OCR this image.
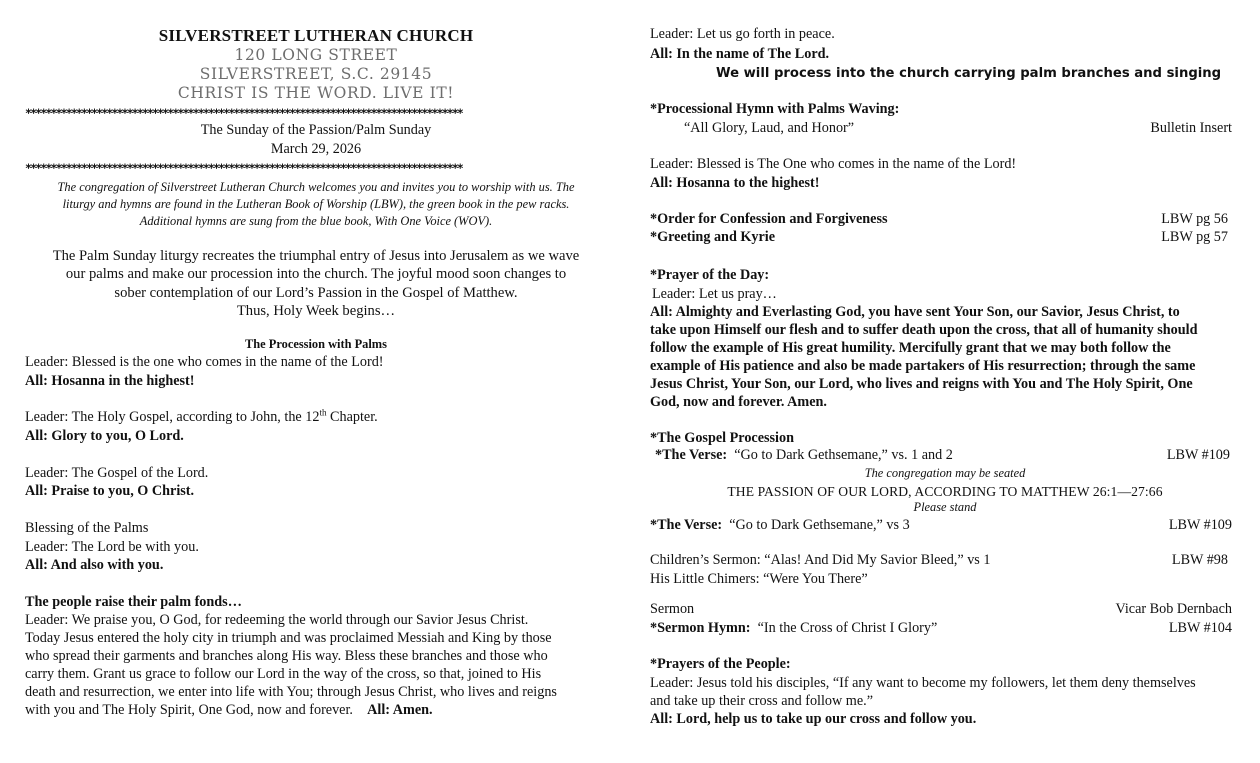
SILVERSTREET LUTHERAN CHURCH
120 LONG STREET
SILVERSTREET, S.C. 29145
CHRIST IS THE WORD. LIVE IT!
**************************************************************************************
The Sunday of the Passion/Palm Sunday
March 29, 2026
**************************************************************************************
The congregation of Silverstreet Lutheran Church welcomes you and invites you to worship with us. The
liturgy and hymns are found in the Lutheran Book of Worship (LBW), the green book in the pew racks.
Additional hymns are sung from the blue book, With One Voice (WOV).
The Palm Sunday liturgy recreates the triumphal entry of Jesus into Jerusalem as we wave
our palms and make our procession into the church. The joyful mood soon changes to
sober contemplation of our Lord’s Passion in the Gospel of Matthew.
Thus, Holy Week begins…
The Procession with Palms
Leader: Blessed is the one who comes in the name of the Lord!
All: Hosanna in the highest!
Leader: The Holy Gospel, according to John, the 12th Chapter.
All: Glory to you, O Lord.
Leader: The Gospel of the Lord.
All: Praise to you, O Christ.
Blessing of the Palms
Leader: The Lord be with you.
All: And also with you.
The people raise their palm fonds…
Leader: We praise you, O God, for redeeming the world through our Savior Jesus Christ.
Today Jesus entered the holy city in triumph and was proclaimed Messiah and King by those
who spread their garments and branches along His way. Bless these branches and those who
carry them. Grant us grace to follow our Lord in the way of the cross, so that, joined to His
death and resurrection, we enter into life with You; through Jesus Christ, who lives and reigns
with you and The Holy Spirit, One God, now and forever.    All: Amen.
Leader: Let us go forth in peace.
All: In the name of The Lord.
We will process into the church carrying palm branches and singing
*Processional Hymn with Palms Waving:
“All Glory, Laud, and Honor”	Bulletin Insert
Leader: Blessed is The One who comes in the name of the Lord!
All: Hosanna to the highest!
*Order for Confession and Forgiveness	LBW pg 56
*Greeting and Kyrie	LBW pg 57
*Prayer of the Day:
Leader: Let us pray…
All: Almighty and Everlasting God, you have sent Your Son, our Savior, Jesus Christ, to
take upon Himself our flesh and to suffer death upon the cross, that all of humanity should
follow the example of His great humility. Mercifully grant that we may both follow the
example of His patience and also be made partakers of His resurrection; through the same
Jesus Christ, Your Son, our Lord, who lives and reigns with You and The Holy Spirit, One
God, now and forever. Amen.
*The Gospel Procession
*The Verse:  “Go to Dark Gethsemane,” vs. 1 and 2	LBW #109
The congregation may be seated
THE PASSION OF OUR LORD, ACCORDING TO MATTHEW 26:1—27:66
Please stand
*The Verse:  “Go to Dark Gethsemane,” vs 3	LBW #109
Children’s Sermon: “Alas! And Did My Savior Bleed,” vs 1	LBW #98
His Little Chimers: “Were You There”
Sermon	Vicar Bob Dernbach
*Sermon Hymn:  “In the Cross of Christ I Glory”	LBW #104
*Prayers of the People:
Leader: Jesus told his disciples, “If any want to become my followers, let them deny themselves
and take up their cross and follow me.”
All: Lord, help us to take up our cross and follow you.
